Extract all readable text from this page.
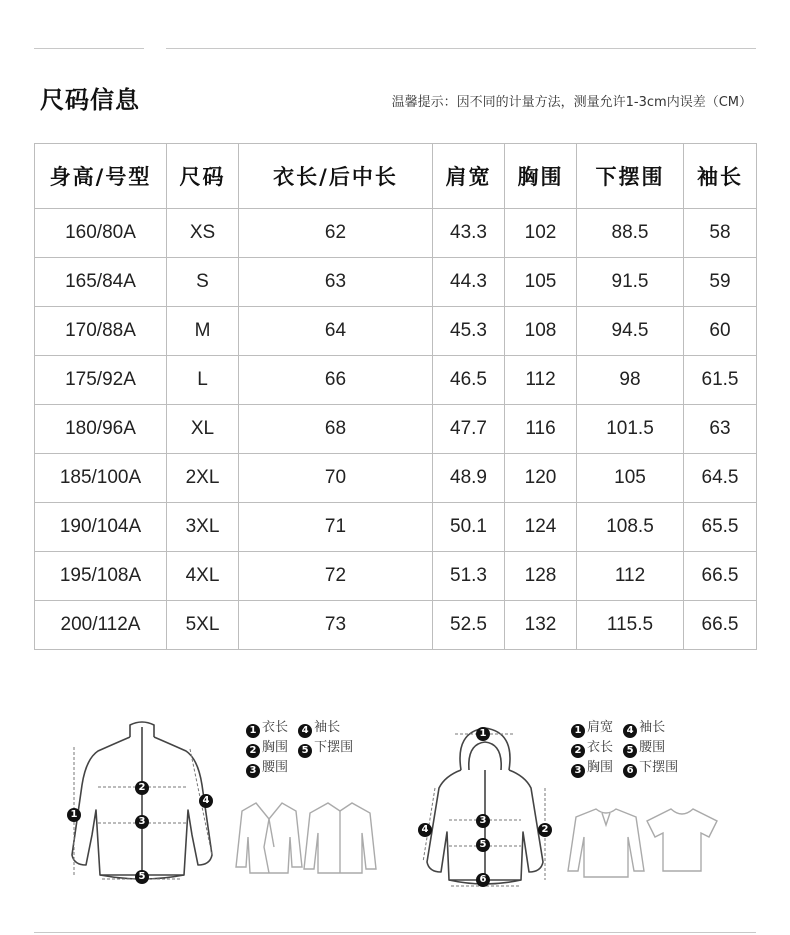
尺码信息	温馨提示：因不同的计量方法，测量允许1-3cm内误差（CM）
身高/号型	尺码	衣长/后中长	肩宽	胸围	下摆围	袖长
160/80A	XS	62	43.3	102	88.5	58
165/84A	S	63	44.3	105	91.5	59
170/88A	M	64	45.3	108	94.5	60
175/92A	L	66	46.5	112	98	61.5
180/96A	XL	68	47.7	116	101.5	63
185/100A	2XL	70	48.9	120	105	64.5
190/104A	3XL	71	50.1	124	108.5	65.5
195/108A	4XL	72	51.3	128	112	66.5
200/112A	5XL	73	52.5	132	115.5	66.5
1
2
3
4
5
1 衣长 4 袖长
2 胸围 5 下摆围
3 腰围
1
2
3
4
5
6
1 肩宽 4 袖长
2 衣长 5 腰围
3 胸围 6 下摆围
